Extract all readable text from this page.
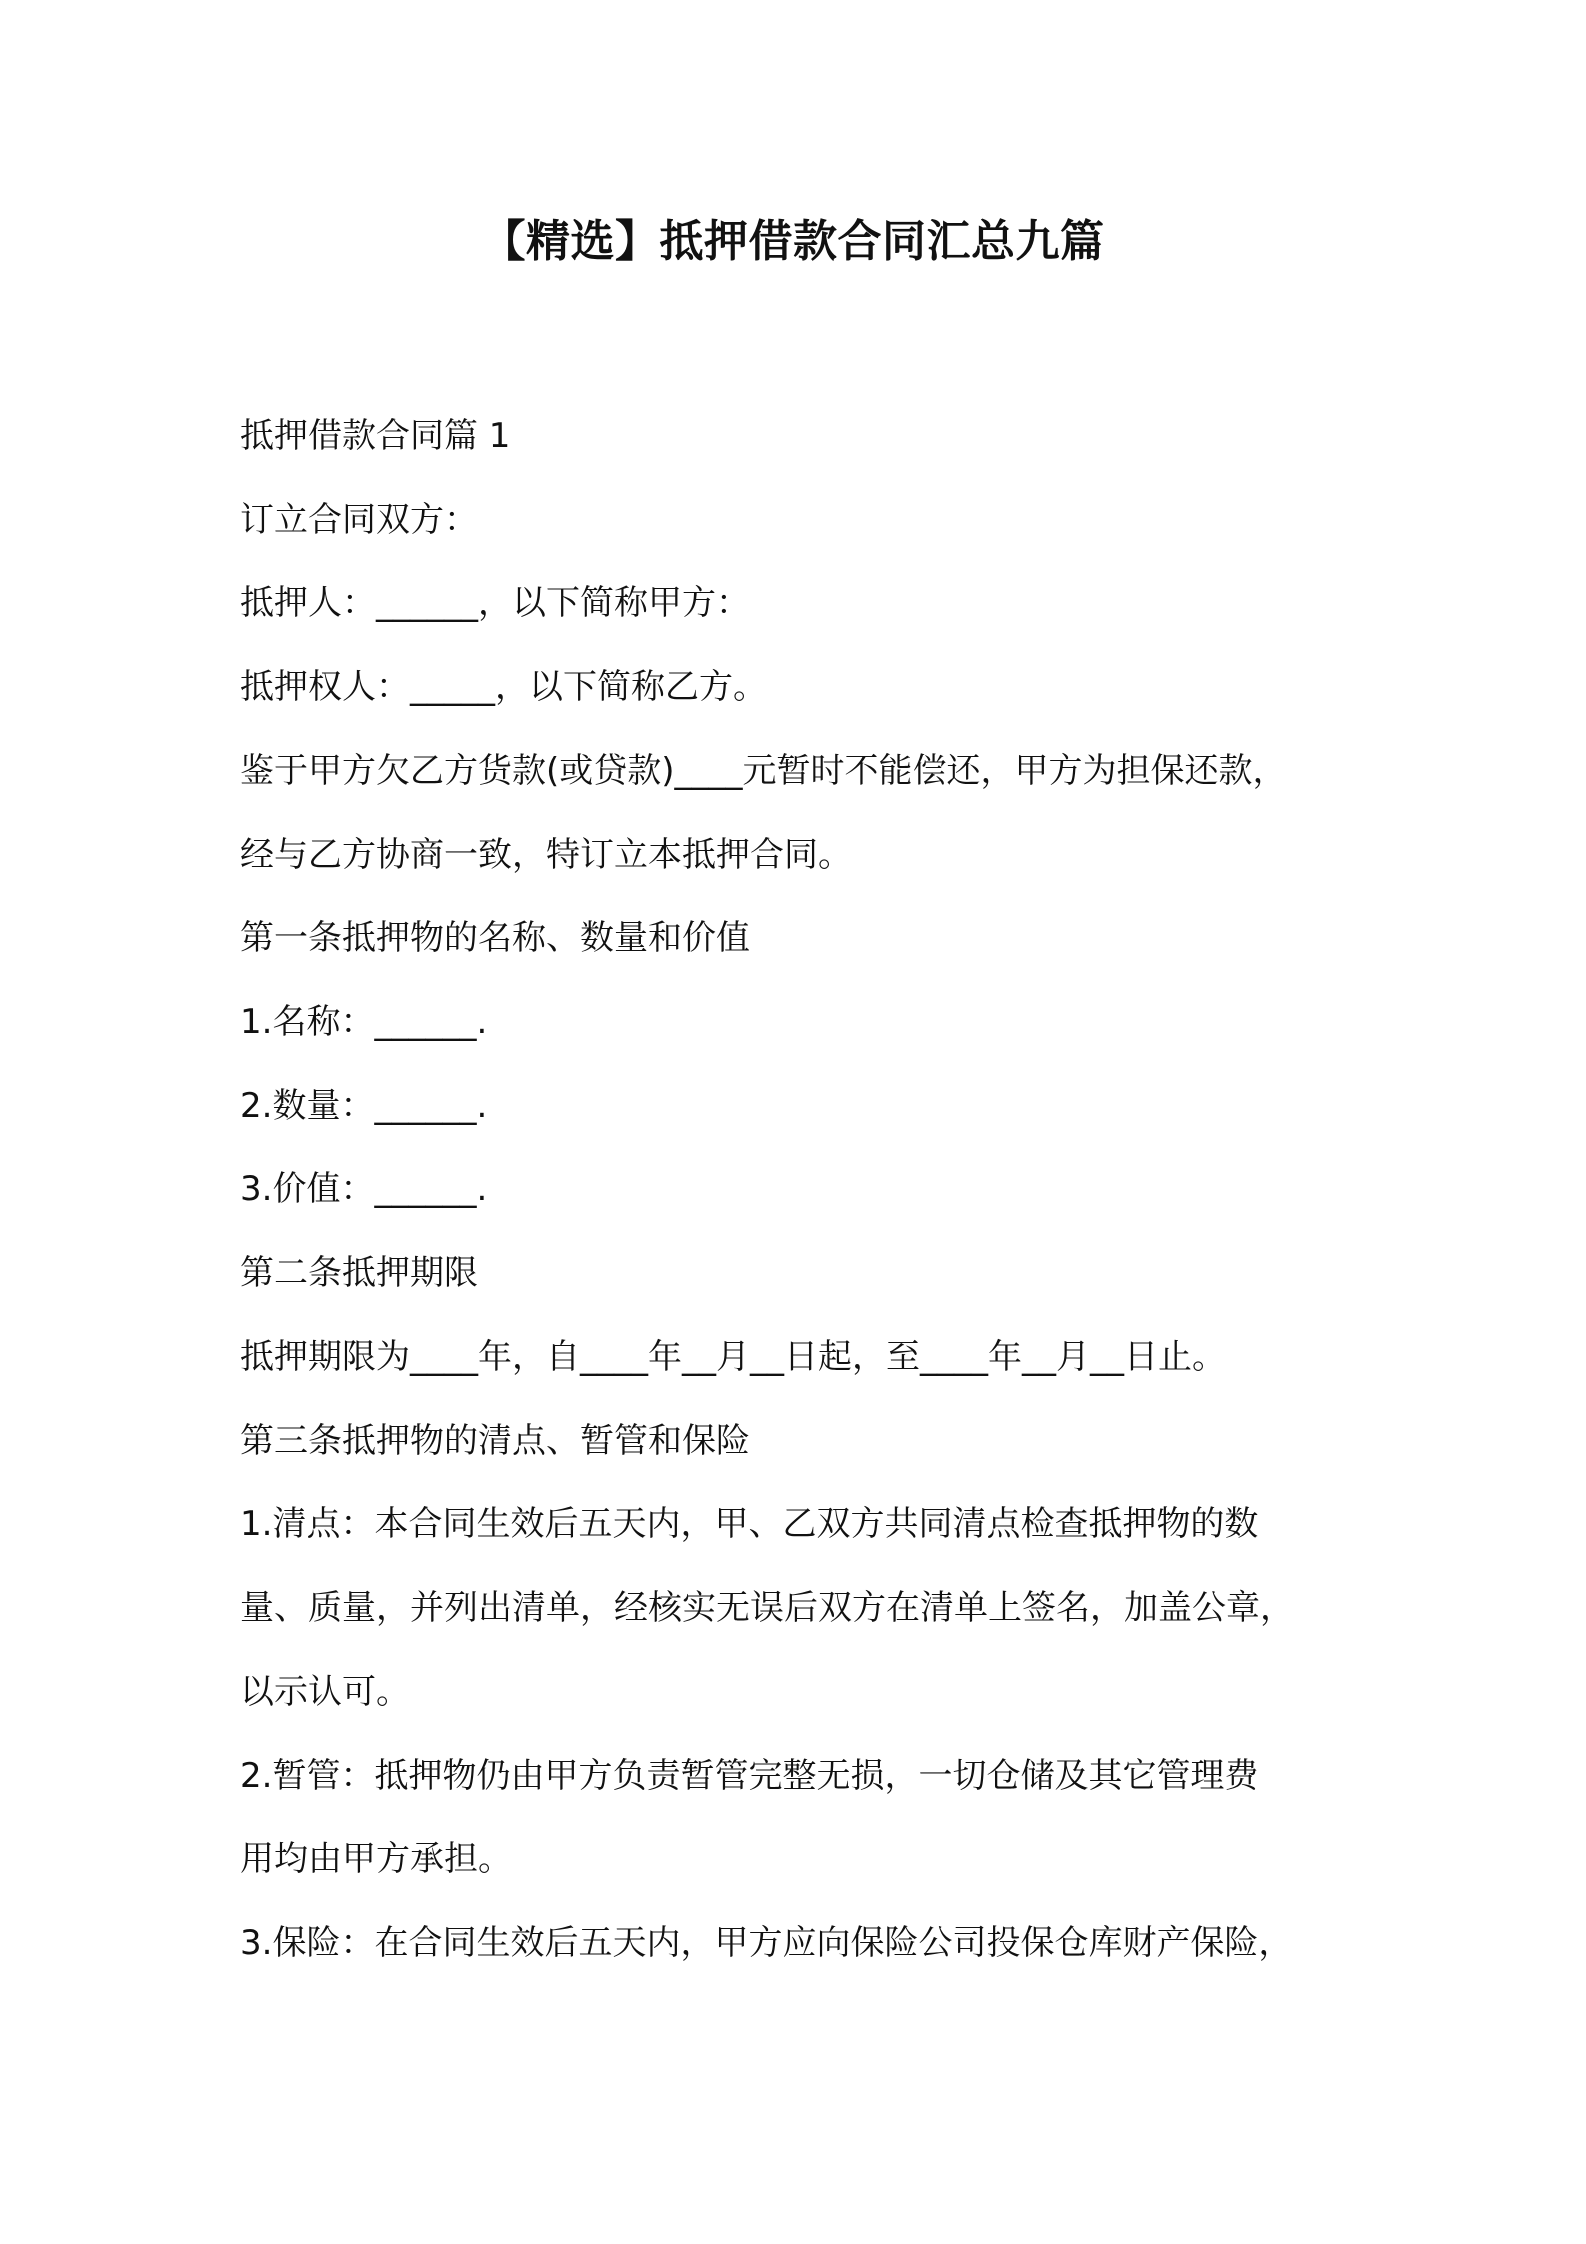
【精选】抵押借款合同汇总九篇
抵押借款合同篇 1
订立合同双方：
抵押人：______，以下简称甲方：
抵押权人：_____，以下简称乙方。
鉴于甲方欠乙方货款(或贷款)____元暂时不能偿还，甲方为担保还款，
经与乙方协商一致，特订立本抵押合同。
第一条抵押物的名称、数量和价值
1.名称：______.
2.数量：______.
3.价值：______.
第二条抵押期限
抵押期限为____年，自____年__月__日起，至____年__月__日止。
第三条抵押物的清点、暂管和保险
1.清点：本合同生效后五天内，甲、乙双方共同清点检查抵押物的数
量、质量，并列出清单，经核实无误后双方在清单上签名，加盖公章，
以示认可。
2.暂管：抵押物仍由甲方负责暂管完整无损，一切仓储及其它管理费
用均由甲方承担。
3.保险：在合同生效后五天内，甲方应向保险公司投保仓库财产保险，
